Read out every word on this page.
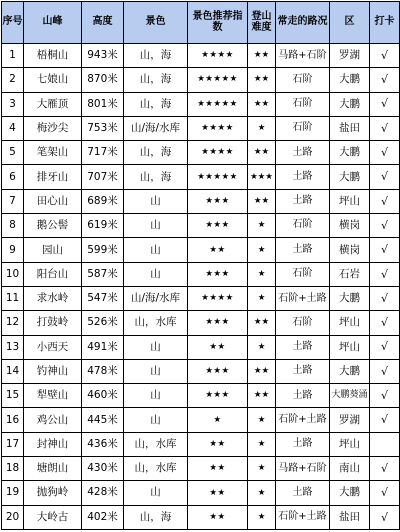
序号	山峰	高度	景色	景色推荐指数	登山难度	常走的路况	区	打卡
1	梧桐山	943米	山，海	★★★★	★★	马路+石阶	罗湖	√
2	七娘山	870米	山，海	★★★★★	★★	石阶	大鹏	√
3	大雁顶	801米	山，海	★★★★★	★★	石阶	大鹏	√
4	梅沙尖	753米	山/海/水库	★★★★	★	石阶	盐田	√
5	笔架山	717米	山，海	★★★★	★★	土路	大鹏	√
6	排牙山	707米	山，海	★★★★★	★★★	土路	大鹏	√
7	田心山	689米	山	★★★	★★	土路	坪山	√
8	鹅公髻	619米	山	★★★	★	石阶	横岗	√
9	园山	599米	山	★★	★	土路	横岗	√
10	阳台山	587米	山	★★★	★	石阶	石岩	√
11	求水岭	547米	山/海/水库	★★★★	★	石阶+土路	大鹏	√
12	打鼓岭	526米	山，水库	★★★	★★	石阶	坪山	√
13	小西天	491米	山	★★	★	土路	坪山	√
14	钓神山	478米	山	★★★	★★	土路	大鹏	√
15	犁壁山	460米	山	★★★	★★	土路	大鹏葵涌	√
16	鸡公山	445米	山	★	★	石阶+土路	罗湖	√
17	封神山	436米	山，水库	★★	★	土路	坪山	
18	塘朗山	430米	山，水库	★★	★	马路+石阶	南山	√
19	抛狗岭	428米	山	★★	★	土路	大鹏	√
20	大岭古	402米	山，海	★★	★	石阶+土路	盐田	√
